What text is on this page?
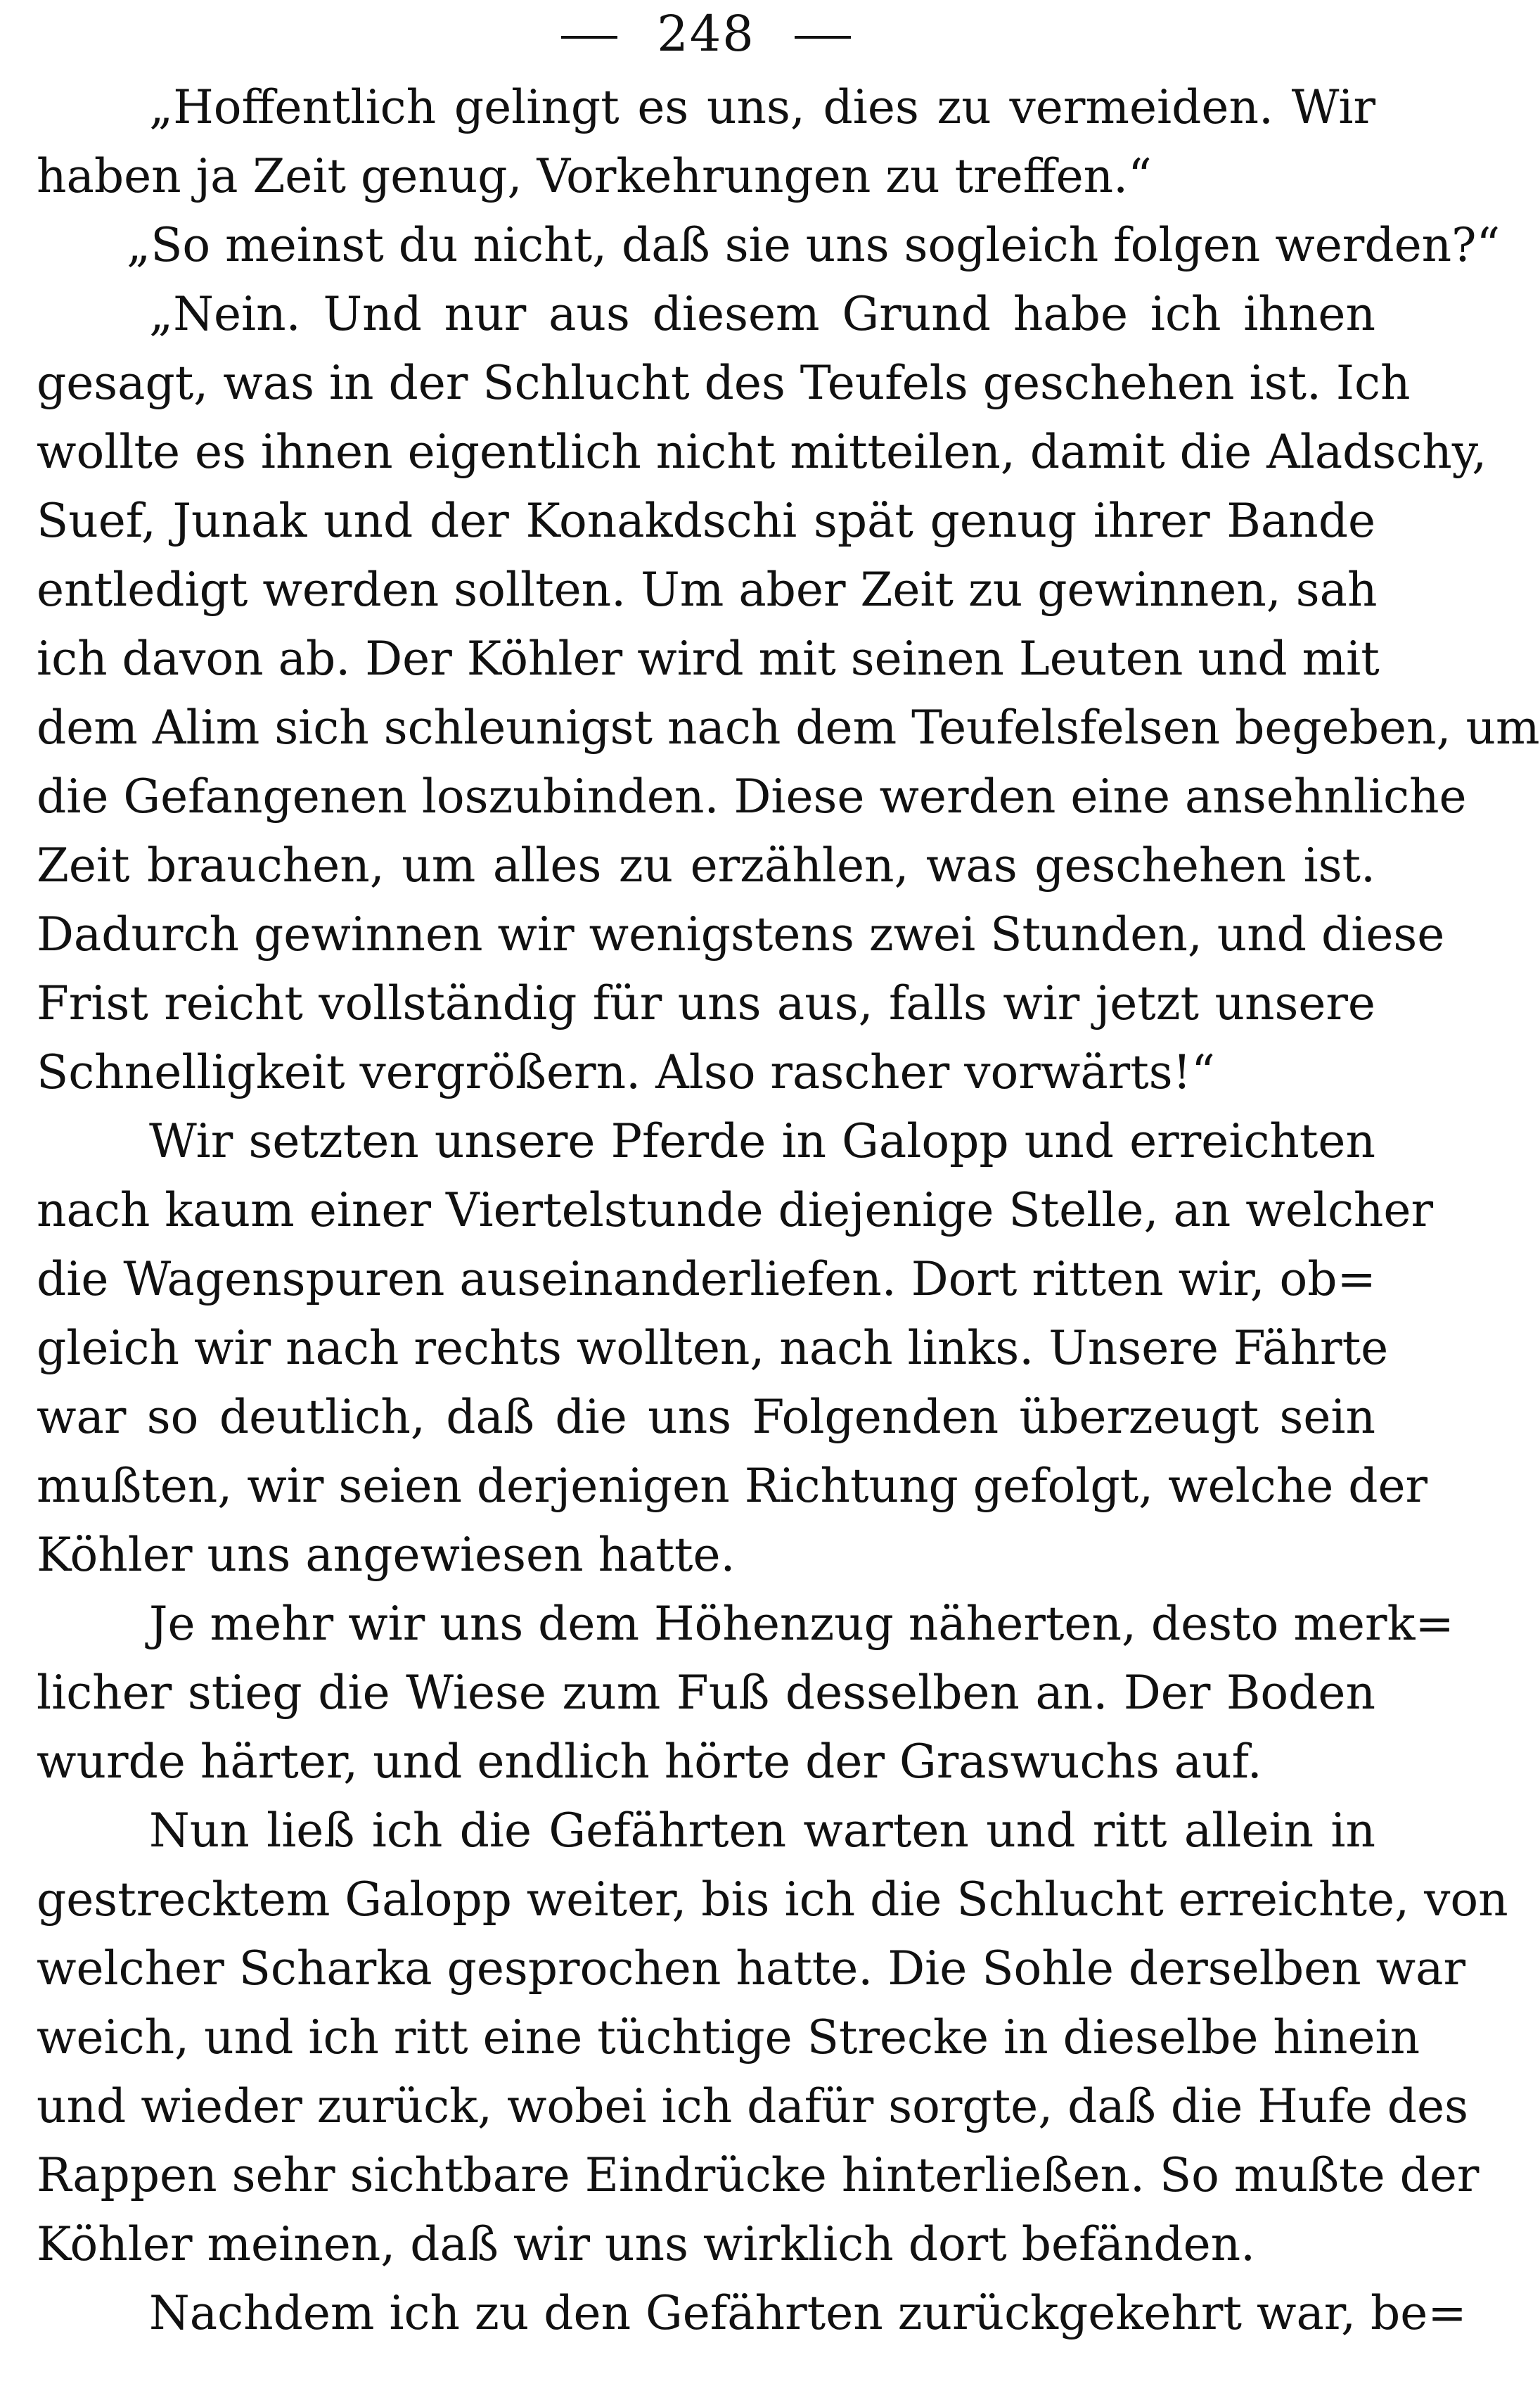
248
„Hoffentlich gelingt es uns, dies zu vermeiden. Wir
haben ja Zeit genug, Vorkehrungen zu treffen.“
„So meinst du nicht, daß sie uns sogleich folgen werden?“
„Nein. Und nur aus diesem Grund habe ich ihnen
gesagt, was in der Schlucht des Teufels geschehen ist. Ich
wollte es ihnen eigentlich nicht mitteilen, damit die Aladschy,
Suef, Junak und der Konakdschi spät genug ihrer Bande
entledigt werden sollten. Um aber Zeit zu gewinnen, sah
ich davon ab. Der Köhler wird mit seinen Leuten und mit
dem Alim sich schleunigst nach dem Teufelsfelsen begeben, um
die Gefangenen loszubinden. Diese werden eine ansehnliche
Zeit brauchen, um alles zu erzählen, was geschehen ist.
Dadurch gewinnen wir wenigstens zwei Stunden, und diese
Frist reicht vollständig für uns aus, falls wir jetzt unsere
Schnelligkeit vergrößern. Also rascher vorwärts!“
Wir setzten unsere Pferde in Galopp und erreichten
nach kaum einer Viertelstunde diejenige Stelle, an welcher
die Wagenspuren auseinanderliefen. Dort ritten wir, ob=
gleich wir nach rechts wollten, nach links. Unsere Fährte
war so deutlich, daß die uns Folgenden überzeugt sein
mußten, wir seien derjenigen Richtung gefolgt, welche der
Köhler uns angewiesen hatte.
Je mehr wir uns dem Höhenzug näherten, desto merk=
licher stieg die Wiese zum Fuß desselben an. Der Boden
wurde härter, und endlich hörte der Graswuchs auf.
Nun ließ ich die Gefährten warten und ritt allein in
gestrecktem Galopp weiter, bis ich die Schlucht erreichte, von
welcher Scharka gesprochen hatte. Die Sohle derselben war
weich, und ich ritt eine tüchtige Strecke in dieselbe hinein
und wieder zurück, wobei ich dafür sorgte, daß die Hufe des
Rappen sehr sichtbare Eindrücke hinterließen. So mußte der
Köhler meinen, daß wir uns wirklich dort befänden.
Nachdem ich zu den Gefährten zurückgekehrt war, be=
